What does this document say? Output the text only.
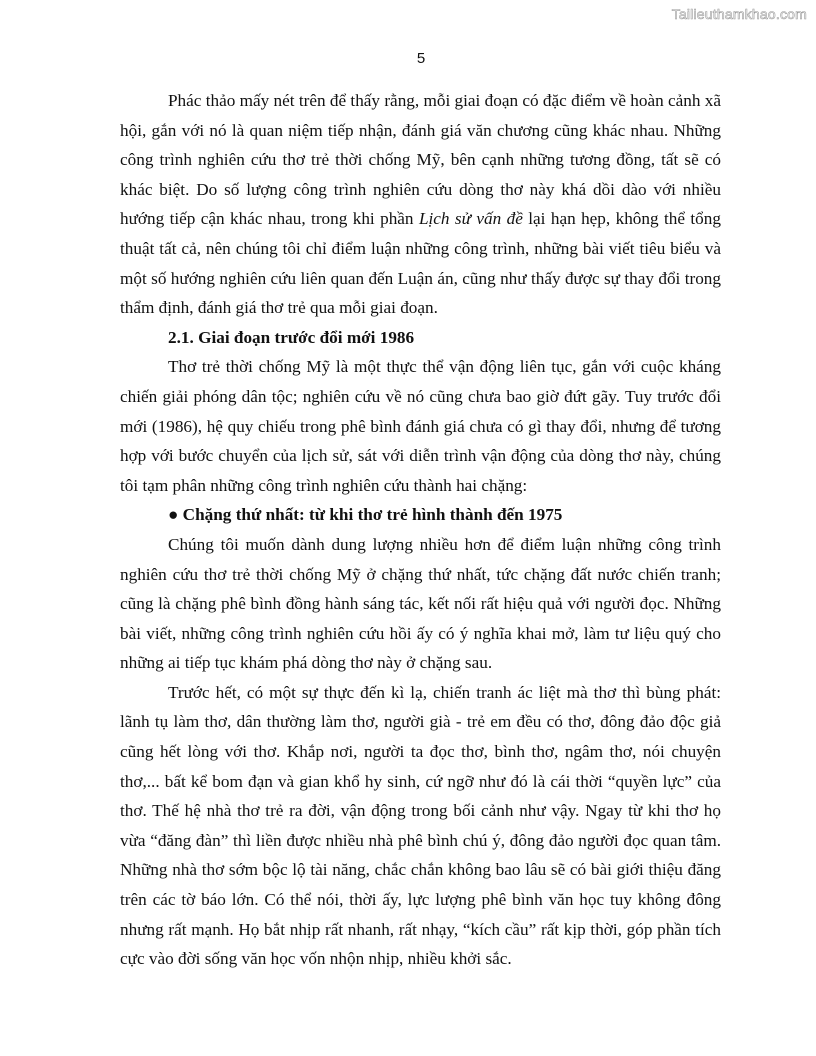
Tailieuthamkhao.com
5

Phác thảo mấy nét trên để thấy rằng, mỗi giai đoạn có đặc điểm về hoàn cảnh xã hội, gắn với nó là quan niệm tiếp nhận, đánh giá văn chương cũng khác nhau. Những công trình nghiên cứu thơ trẻ thời chống Mỹ, bên cạnh những tương đồng, tất sẽ có khác biệt. Do số lượng công trình nghiên cứu dòng thơ này khá dồi dào với nhiều hướng tiếp cận khác nhau, trong khi phần Lịch sử vấn đề lại hạn hẹp, không thể tổng thuật tất cả, nên chúng tôi chỉ điểm luận những công trình, những bài viết tiêu biểu và một số hướng nghiên cứu liên quan đến Luận án, cũng như thấy được sự thay đổi trong thẩm định, đánh giá thơ trẻ qua mỗi giai đoạn.

2.1. Giai đoạn trước đổi mới 1986

Thơ trẻ thời chống Mỹ là một thực thể vận động liên tục, gắn với cuộc kháng chiến giải phóng dân tộc; nghiên cứu về nó cũng chưa bao giờ đứt gãy. Tuy trước đổi mới (1986), hệ quy chiếu trong phê bình đánh giá chưa có gì thay đổi, nhưng để tương hợp với bước chuyển của lịch sử, sát với diễn trình vận động của dòng thơ này, chúng tôi tạm phân những công trình nghiên cứu thành hai chặng:

● Chặng thứ nhất: từ khi thơ trẻ hình thành đến 1975

Chúng tôi muốn dành dung lượng nhiều hơn để điểm luận những công trình nghiên cứu thơ trẻ thời chống Mỹ ở chặng thứ nhất, tức chặng đất nước chiến tranh; cũng là chặng phê bình đồng hành sáng tác, kết nối rất hiệu quả với người đọc. Những bài viết, những công trình nghiên cứu hồi ấy có ý nghĩa khai mở, làm tư liệu quý cho những ai tiếp tục khám phá dòng thơ này ở chặng sau.

Trước hết, có một sự thực đến kì lạ, chiến tranh ác liệt mà thơ thì bùng phát: lãnh tụ làm thơ, dân thường làm thơ, người già - trẻ em đều có thơ, đông đảo độc giả cũng hết lòng với thơ. Khắp nơi, người ta đọc thơ, bình thơ, ngâm thơ, nói chuyện thơ,... bất kể bom đạn và gian khổ hy sinh, cứ ngỡ như đó là cái thời “quyền lực” của thơ. Thế hệ nhà thơ trẻ ra đời, vận động trong bối cảnh như vậy. Ngay từ khi thơ họ vừa “đăng đàn” thì liền được nhiều nhà phê bình chú ý, đông đảo người đọc quan tâm. Những nhà thơ sớm bộc lộ tài năng, chắc chắn không bao lâu sẽ có bài giới thiệu đăng trên các tờ báo lớn. Có thể nói, thời ấy, lực lượng phê bình văn học tuy không đông nhưng rất mạnh. Họ bắt nhịp rất nhanh, rất nhạy, “kích cầu” rất kịp thời, góp phần tích cực vào đời sống văn học vốn nhộn nhịp, nhiều khởi sắc.
